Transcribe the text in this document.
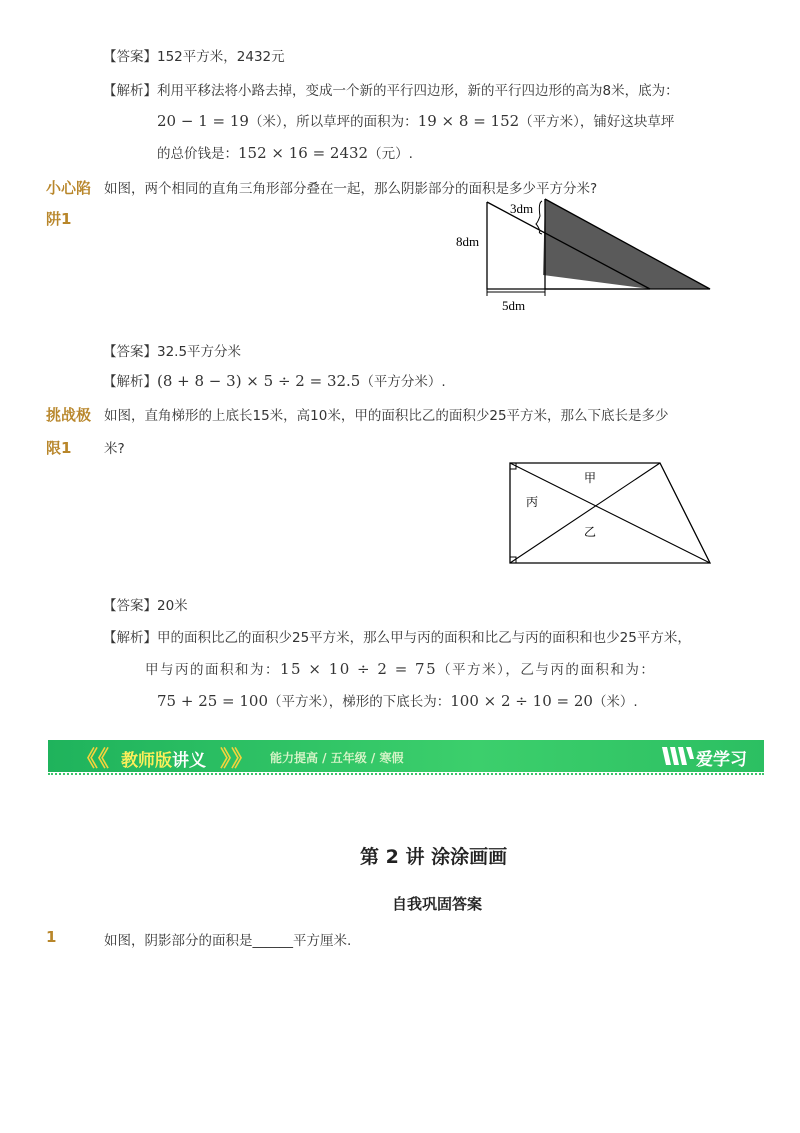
【答案】152平方米，2432元
【解析】利用平移法将小路去掉，变成一个新的平行四边形，新的平行四边形的高为8米，底为：
20 − 1 = 19（米），所以草坪的面积为：19 × 8 = 152（平方米），铺好这块草坪
的总价钱是：152 × 16 = 2432（元）.
小心陷
阱1
如图，两个相同的直角三角形部分叠在一起，那么阴影部分的面积是多少平方分米?
3dm
8dm
5dm
【答案】32.5平方分米
【解析】(8 + 8 − 3) × 5 ÷ 2 = 32.5（平方分米）.
挑战极
限1
如图，直角梯形的上底长15米，高10米，甲的面积比乙的面积少25平方米，那么下底长是多少
米?
甲
丙
乙
【答案】20米
【解析】甲的面积比乙的面积少25平方米，那么甲与丙的面积和比乙与丙的面积和也少25平方米，
甲与丙的面积和为：15 × 10 ÷ 2 = 75（平方米），乙与丙的面积和为：
75 + 25 = 100（平方米），梯形的下底长为：100 × 2 ÷ 10 = 20（米）.
《《 教师版讲义 》》 能力提高 / 五年级 / 寒假	爱学习
第 2 讲 涂涂画画
自我巩固答案
1	如图，阴影部分的面积是______平方厘米.
